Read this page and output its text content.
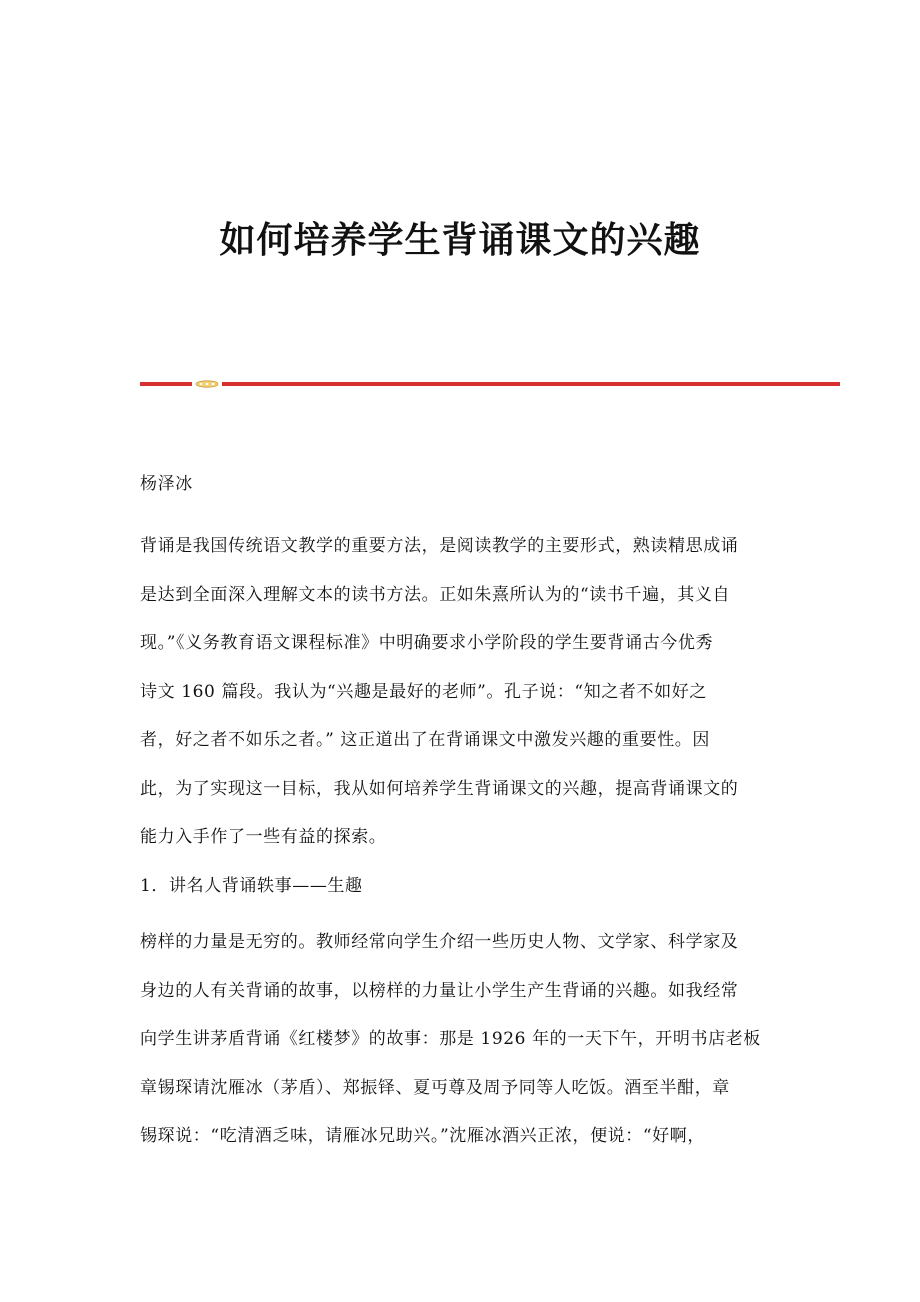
如何培养学生背诵课文的兴趣
杨泽冰
背诵是我国传统语文教学的重要方法，是阅读教学的主要形式，熟读精思成诵
是达到全面深入理解文本的读书方法。正如朱熹所认为的“读书千遍，其义自
现。”《义务教育语文课程标准》中明确要求小学阶段的学生要背诵古今优秀
诗文 160 篇段。我认为“兴趣是最好的老师”。孔子说：“知之者不如好之
者，好之者不如乐之者。” 这正道出了在背诵课文中激发兴趣的重要性。因
此，为了实现这一目标，我从如何培养学生背诵课文的兴趣，提高背诵课文的
能力入手作了一些有益的探索。
1．讲名人背诵轶事——生趣
榜样的力量是无穷的。教师经常向学生介绍一些历史人物、文学家、科学家及
身边的人有关背诵的故事，以榜样的力量让小学生产生背诵的兴趣。如我经常
向学生讲茅盾背诵《红楼梦》的故事：那是 1926 年的一天下午，开明书店老板
章锡琛请沈雁冰（茅盾）、郑振铎、夏丏尊及周予同等人吃饭。酒至半酣，章
锡琛说：“吃清酒乏味，请雁冰兄助兴。”沈雁冰酒兴正浓，便说：“好啊，
